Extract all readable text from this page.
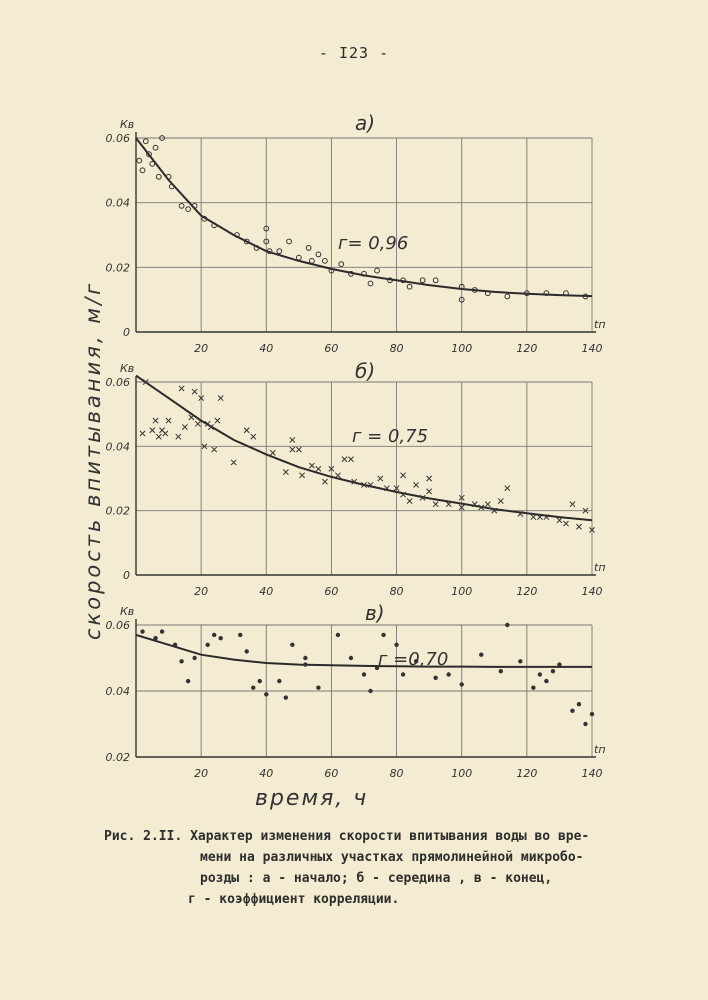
- I23 -
20	40	60	80	100	120	140
0
0.02
0.04
0.06
Кв
tп
а)
г= 0,96
20	40	60	80	100	120	140
0
0.02
0.04
0.06
Кв
tп
б)
г = 0,75
20	40	60	80	100	120	140
0.02
0.04
0.06
Кв
tп
в)
г =0,70
скорость впитывания, м/г
время, ч
Рис. 2.II. Характер изменения скорости впитывания воды во вре-
мени на различных участках прямолинейной микробо-
розды : а - начало; б - середина , в - конец,
г - коэффициент корреляции.
